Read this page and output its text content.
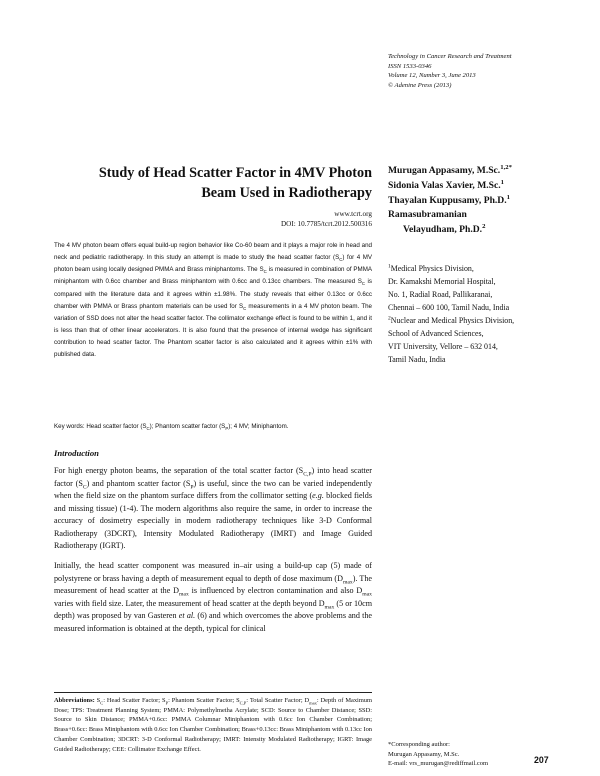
Technology in Cancer Research and Treatment
ISSN 1533-0346
Volume 12, Number 3, June 2013
© Adenine Press (2013)
Study of Head Scatter Factor in 4MV Photon
Beam Used in Radiotherapy
www.tcrt.org
DOI: 10.7785/tcrt.2012.500316
The 4 MV photon beam offers equal build-up region behavior like Co-60 beam and it plays a major role in head and neck and pediatric radiotherapy. In this study an attempt is made to study the head scatter factor $(S_C)$ for 4 MV photon beam using locally designed PMMA and Brass miniphantoms. The $S_C$ is measured in combination of PMMA miniphantom with 0.6cc chamber and Brass miniphantom with 0.6cc and 0.13cc chambers. The measured $S_C$ is compared with the literature data and it agrees within ±1.98%. The study reveals that either 0.13cc or 0.6cc chamber with PMMA or Brass phantom materials can be used for $S_C$ measurements in a 4 MV photon beam. The variation of SSD does not alter the head scatter factor. The collimator exchange effect is found to be within 1, and it is less than that of other linear accelerators. It is also found that the presence of internal wedge has significant contribution to head scatter factor. The Phantom scatter factor is also calculated and it agrees within ±1% with published data.
Key words: Head scatter factor $(S_C)$; Phantom scatter factor $(S_P)$; 4 MV; Miniphantom.
Introduction
For high energy photon beams, the separation of the total scatter factor $(S_{C,P})$ into head scatter factor $(S_C)$ and phantom scatter factor $(S_P)$ is useful, since the two can be varied independently when the field size on the phantom surface differs from the collimator setting (e.g. blocked fields and missing tissue) (1-4). The modern algorithms also require the same, in order to increase the accuracy of dosimetry especially in modern radiotherapy techniques like 3-D Conformal Radiotherapy (3DCRT), Intensity Modulated Radiotherapy (IMRT) and Image Guided Radiotherapy (IGRT).
Initially, the head scatter component was measured in–air using a build-up cap (5) made of polystyrene or brass having a depth of measurement equal to depth of dose maximum $(D_{max})$. The measurement of head scatter at the $D_{max}$ is influenced by electron contamination and also $D_{max}$ varies with field size. Later, the measurement of head scatter at the depth beyond $D_{max}$ (5 or 10cm depth) was proposed by van Gasteren et al. (6) and which overcomes the above problems and the measured information is obtained at the depth, typical for clinical
Murugan Appasamy, M.Sc.$^{1,2*}$
Sidonia Valas Xavier, M.Sc.$^1$
Thayalan Kuppusamy, Ph.D.$^1$
Ramasubramanian
Velayudham, Ph.D.$^2$
$^1$Medical Physics Division,
Dr. Kamakshi Memorial Hospital,
No. 1, Radial Road, Pallikaranai,
Chennai – 600 100, Tamil Nadu, India
$^2$Nuclear and Medical Physics Division,
School of Advanced Sciences,
VIT University, Vellore – 632 014,
Tamil Nadu, India
Abbreviations: $S_C$: Head Scatter Factor; $S_P$: Phantom Scatter Factor; $S_{C,P}$: Total Scatter Factor; $D_{max}$: Depth of Maximum Dose; TPS: Treatment Planning System; PMMA: Polymethylmetha Acrylate; SCD: Source to Chamber Distance; SSD: Source to Skin Distance; PMMA+0.6cc: PMMA Columnar Miniphantom with 0.6cc Ion Chamber Combination; Brass+0.6cc: Brass Miniphantom with 0.6cc Ion Chamber Combination; Brass+0.13cc: Brass Miniphantom with 0.13cc Ion Chamber Combination; 3DCRT: 3-D Conformal Radiotherapy; IMRT: Intensity Modulated Radiotherapy; IGRT: Image Guided Radiotherapy; CEE: Collimator Exchange Effect.
*Corresponding author:
Murugan Appasamy, M.Sc.
E-mail: vrs_murugan@rediffmail.com	207
